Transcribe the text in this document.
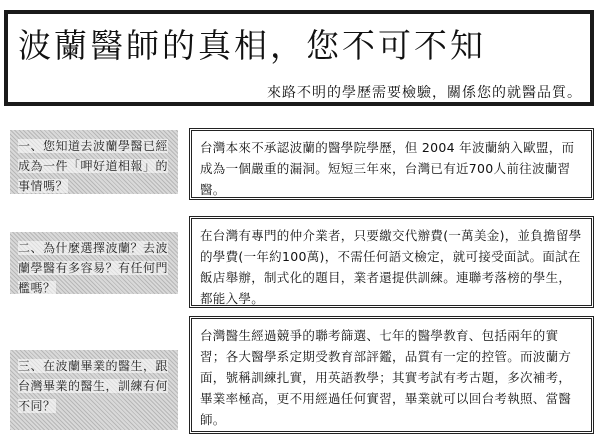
波蘭醫師的真相，您不可不知
來路不明的學歷需要檢驗，關係您的就醫品質。
一、您知道去波蘭學醫已經成為一件「呷好道相報」的事情嗎？
台灣本來不承認波蘭的醫學院學歷，但 2004 年波蘭納入歐盟，而成為一個嚴重的漏洞。短短三年來，台灣已有近700人前往波蘭習醫。
二、為什麼選擇波蘭？去波蘭學醫有多容易？有任何門檻嗎？
在台灣有專門的仲介業者，只要繳交代辦費(一萬美金)，並負擔留學的學費(一年約100萬)，不需任何語文檢定，就可接受面試。面試在飯店舉辦，制式化的題目，業者還提供訓練。連聯考落榜的學生，都能入學。
三、在波蘭畢業的醫生，跟台灣畢業的醫生，訓練有何不同？
台灣醫生經過競爭的聯考篩選、七年的醫學教育、包括兩年的實習；各大醫學系定期受教育部評鑑，品質有一定的控管。而波蘭方面，號稱訓練扎實，用英語教學；其實考試有考古題，多次補考，畢業率極高，更不用經過任何實習，畢業就可以回台考執照、當醫師。
